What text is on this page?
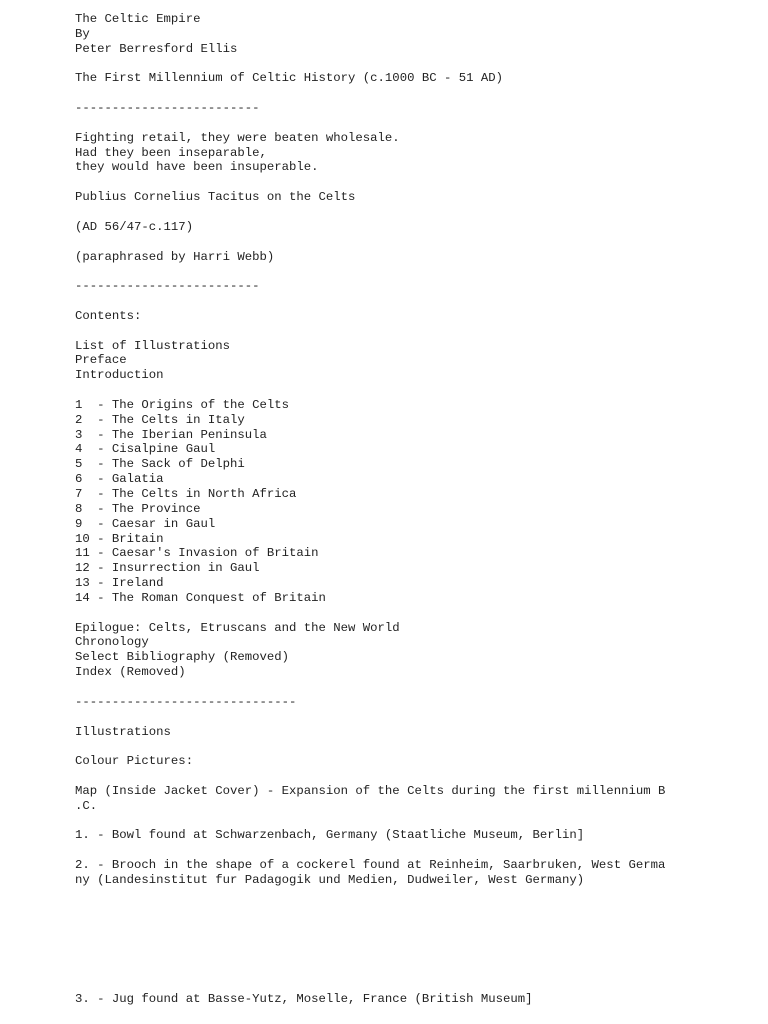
The Celtic Empire
By
Peter Berresford Ellis
The First Millennium of Celtic History (c.1000 BC - 51 AD)
-------------------------
Fighting retail, they were beaten wholesale.
Had they been inseparable,
they would have been insuperable.
Publius Cornelius Tacitus on the Celts
(AD 56/47-c.117)
(paraphrased by Harri Webb)
-------------------------
Contents:
List of Illustrations
Preface
Introduction
1  - The Origins of the Celts
2  - The Celts in Italy
3  - The Iberian Peninsula
4  - Cisalpine Gaul
5  - The Sack of Delphi
6  - Galatia
7  - The Celts in North Africa
8  - The Province
9  - Caesar in Gaul
10 - Britain
11 - Caesar's Invasion of Britain
12 - Insurrection in Gaul
13 - Ireland
14 - The Roman Conquest of Britain
Epilogue: Celts, Etruscans and the New World
Chronology
Select Bibliography (Removed)
Index (Removed)
------------------------------
Illustrations
Colour Pictures:
Map (Inside Jacket Cover) - Expansion of the Celts during the first millennium B
.C.
1. - Bowl found at Schwarzenbach, Germany (Staatliche Museum, Berlin]
2. - Brooch in the shape of a cockerel found at Reinheim, Saarbruken, West Germa
ny (Landesinstitut fur Padagogik und Medien, Dudweiler, West Germany)
3. - Jug found at Basse-Yutz, Moselle, France (British Museum]
